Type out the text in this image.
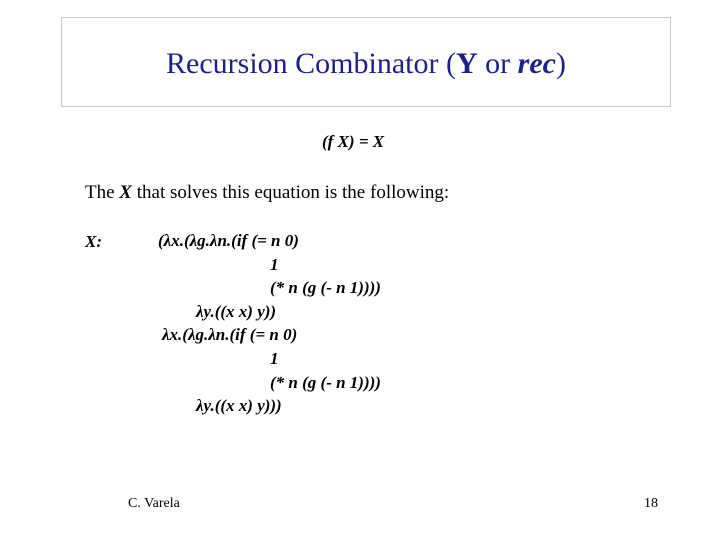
Recursion Combinator (Y or rec)
(f X) = X
The X that solves this equation is the following:
X:	(λx.(λg.λn.(if (= n 0)
1
(* n (g (- n 1))))
λy.((x x) y))
λx.(λg.λn.(if (= n 0)
1
(* n (g (- n 1))))
λy.((x x) y)))
C. Varela	18
